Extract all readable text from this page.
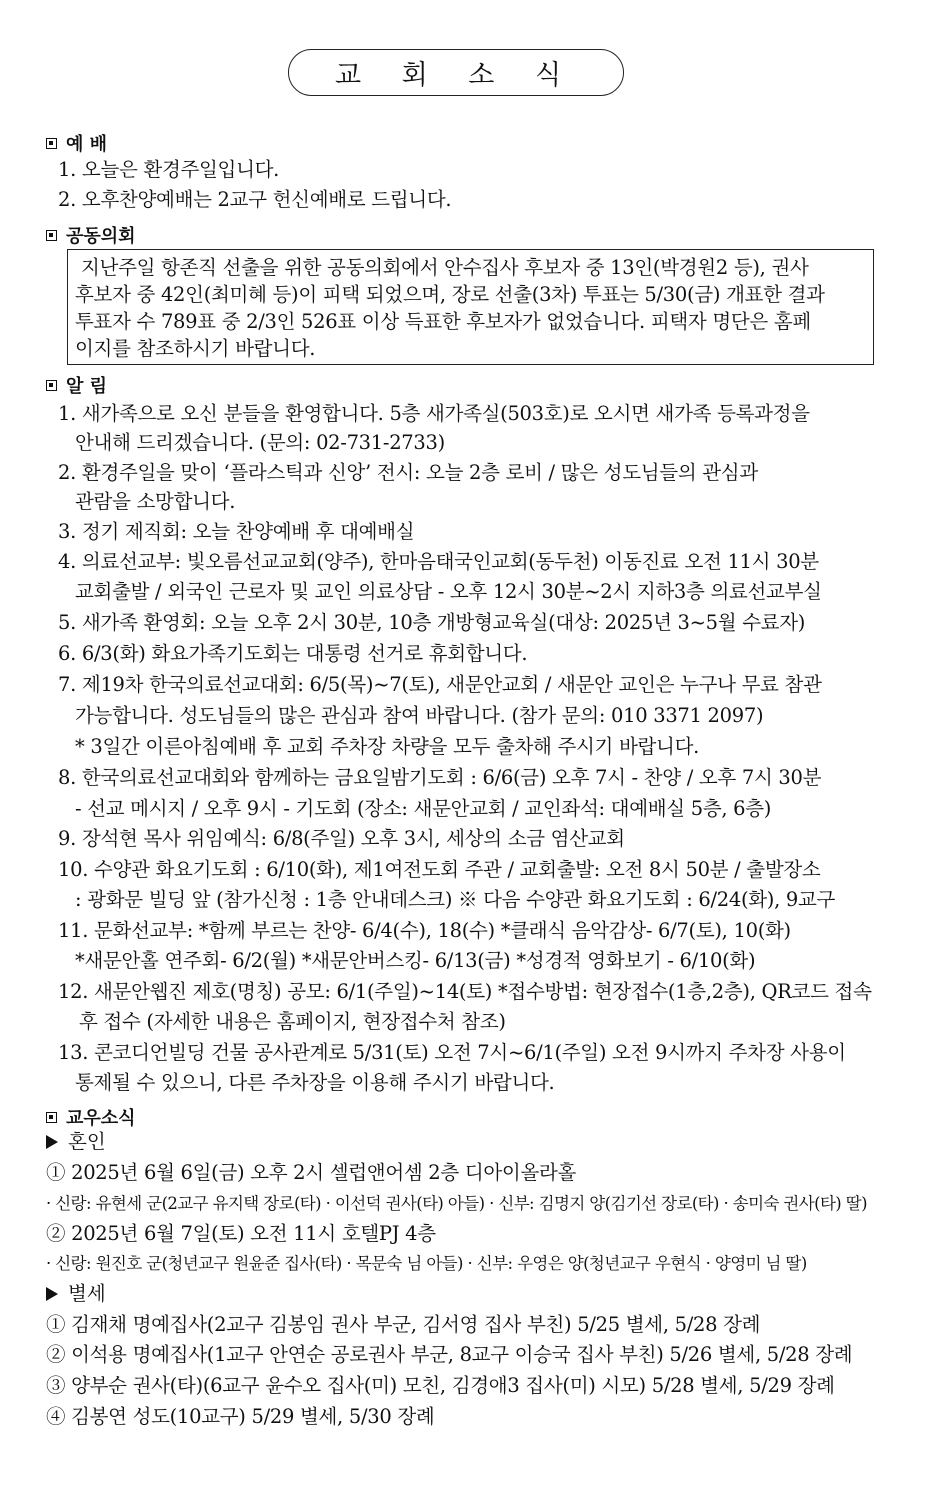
교 회 소 식
예 배
1. 오늘은 환경주일입니다.
2. 오후찬양예배는 2교구 헌신예배로 드립니다.
공동의회
지난주일 항존직 선출을 위한 공동의회에서 안수집사 후보자 중 13인(박경원2 등), 권사
후보자 중 42인(최미혜 등)이 피택 되었으며, 장로 선출(3차) 투표는 5/30(금) 개표한 결과
투표자 수 789표 중 2/3인 526표 이상 득표한 후보자가 없었습니다. 피택자 명단은 홈페
이지를 참조하시기 바랍니다.
알 림
1. 새가족으로 오신 분들을 환영합니다. 5층 새가족실(503호)로 오시면 새가족 등록과정을
안내해 드리겠습니다. (문의: 02-731-2733)
2. 환경주일을 맞이 ‘플라스틱과 신앙’ 전시: 오늘 2층 로비 / 많은 성도님들의 관심과
관람을 소망합니다.
3. 정기 제직회: 오늘 찬양예배 후 대예배실
4. 의료선교부: 빛오름선교교회(양주), 한마음태국인교회(동두천) 이동진료 오전 11시 30분
교회출발 / 외국인 근로자 및 교인 의료상담 - 오후 12시 30분~2시 지하3층 의료선교부실
5. 새가족 환영회: 오늘 오후 2시 30분, 10층 개방형교육실(대상: 2025년 3~5월 수료자)
6. 6/3(화) 화요가족기도회는 대통령 선거로 휴회합니다.
7. 제19차 한국의료선교대회: 6/5(목)~7(토), 새문안교회 / 새문안 교인은 누구나 무료 참관
가능합니다. 성도님들의 많은 관심과 참여 바랍니다. (참가 문의: 010 3371 2097)
* 3일간 이른아침예배 후 교회 주차장 차량을 모두 출차해 주시기 바랍니다.
8. 한국의료선교대회와 함께하는 금요일밤기도회 : 6/6(금) 오후 7시 - 찬양 / 오후 7시 30분
- 선교 메시지 / 오후 9시 - 기도회 (장소: 새문안교회 / 교인좌석: 대예배실 5층, 6층)
9. 장석현 목사 위임예식: 6/8(주일) 오후 3시, 세상의 소금 염산교회
10. 수양관 화요기도회 : 6/10(화), 제1여전도회 주관 / 교회출발: 오전 8시 50분 / 출발장소
: 광화문 빌딩 앞 (참가신청 : 1층 안내데스크) ※ 다음 수양관 화요기도회 : 6/24(화), 9교구
11. 문화선교부: *함께 부르는 찬양- 6/4(수), 18(수) *클래식 음악감상- 6/7(토), 10(화)
*새문안홀 연주회- 6/2(월) *새문안버스킹- 6/13(금) *성경적 영화보기 - 6/10(화)
12. 새문안웹진 제호(명칭) 공모: 6/1(주일)~14(토) *접수방법: 현장접수(1층,2층), QR코드 접속
후 접수 (자세한 내용은 홈페이지, 현장접수처 참조)
13. 콘코디언빌딩 건물 공사관계로 5/31(토) 오전 7시~6/1(주일) 오전 9시까지 주차장 사용이
통제될 수 있으니, 다른 주차장을 이용해 주시기 바랍니다.
교우소식
혼인
① 2025년 6월 6일(금) 오후 2시 셀럽앤어셈 2층 디아이올라홀
· 신랑: 유현세 군(2교구 유지택 장로(타) · 이선덕 권사(타) 아들) · 신부: 김명지 양(김기선 장로(타) · 송미숙 권사(타) 딸)
② 2025년 6월 7일(토) 오전 11시 호텔PJ 4층
· 신랑: 원진호 군(청년교구 원윤준 집사(타) · 목문숙 님 아들) · 신부: 우영은 양(청년교구 우현식 · 양영미 님 딸)
별세
① 김재채 명예집사(2교구 김봉임 권사 부군, 김서영 집사 부친) 5/25 별세, 5/28 장례
② 이석용 명예집사(1교구 안연순 공로권사 부군, 8교구 이승국 집사 부친) 5/26 별세, 5/28 장례
③ 양부순 권사(타)(6교구 윤수오 집사(미) 모친, 김경애3 집사(미) 시모) 5/28 별세, 5/29 장례
④ 김봉연 성도(10교구) 5/29 별세, 5/30 장례
